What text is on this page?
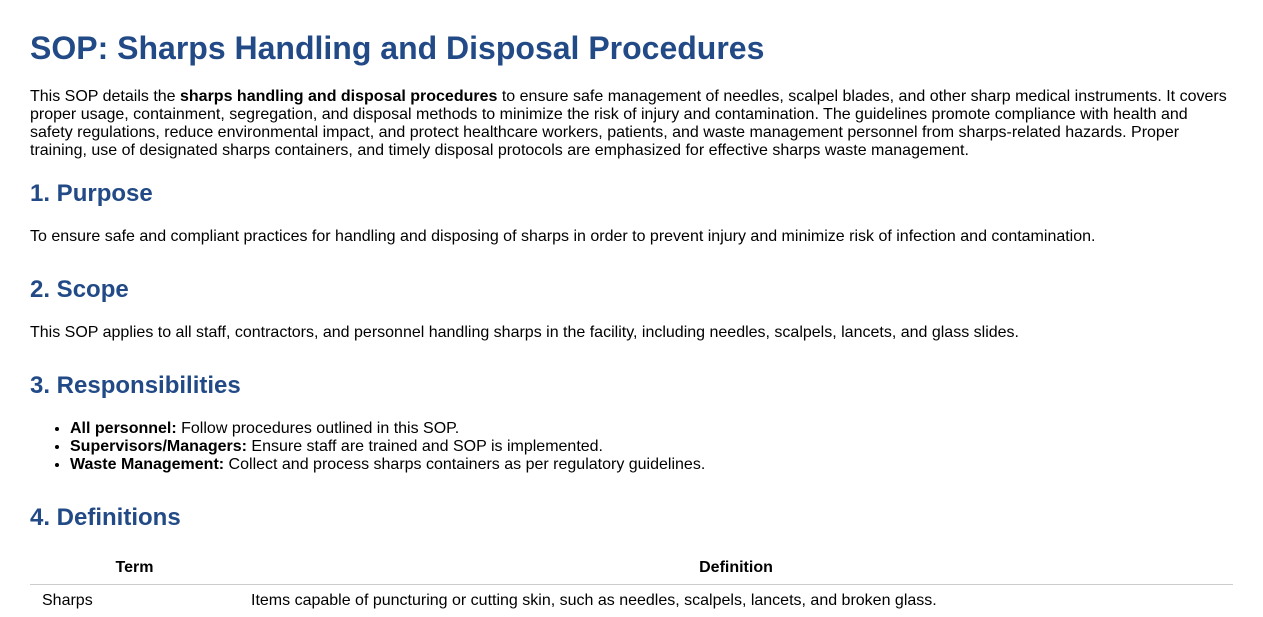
SOP: Sharps Handling and Disposal Procedures

This SOP details the sharps handling and disposal procedures to ensure safe management of needles, scalpel blades, and other sharp medical instruments. It covers proper usage, containment, segregation, and disposal methods to minimize the risk of injury and contamination. The guidelines promote compliance with health and safety regulations, reduce environmental impact, and protect healthcare workers, patients, and waste management personnel from sharps-related hazards. Proper training, use of designated sharps containers, and timely disposal protocols are emphasized for effective sharps waste management.

1. Purpose

To ensure safe and compliant practices for handling and disposing of sharps in order to prevent injury and minimize risk of infection and contamination.

2. Scope

This SOP applies to all staff, contractors, and personnel handling sharps in the facility, including needles, scalpels, lancets, and glass slides.

3. Responsibilities
• All personnel: Follow procedures outlined in this SOP.
• Supervisors/Managers: Ensure staff are trained and SOP is implemented.
• Waste Management: Collect and process sharps containers as per regulatory guidelines.
4. Definitions
Term	Definition
Sharps	Items capable of puncturing or cutting skin, such as needles, scalpels, lancets, and broken glass.
